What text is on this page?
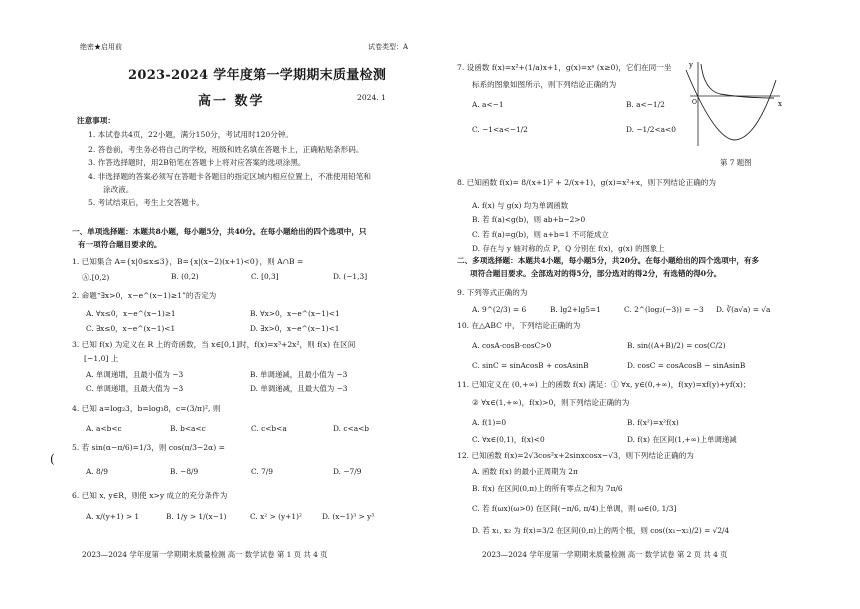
绝密★启用前	试卷类型：A
2023-2024 学年度第一学期期末质量检测
高一 数学	2024. 1
注意事项：
1. 本试卷共4页，22小题，满分150分，考试用时120分钟。
2. 答卷前，考生务必将自己的学校，班级和姓名填在答题卡上，正确粘贴条形码。
3. 作答选择题时，用2B铅笔在答题卡上将对应答案的选项涂黑。
4. 非选择题的答案必须写在答题卡各题目的指定区域内相应位置上，不准使用铅笔和
涂改液。
5. 考试结束后，考生上交答题卡。
一、单项选择题：本题共8小题，每小题5分，共40分。在每小题给出的四个选项中，只
有一项符合题目要求的。
1. 已知集合 A={x|0≤x≤3}，B={x|(x−2)(x+1)<0}，则 A∩B =
Ⓐ.[0,2)	B. (0,2)	C. [0,3]	D. (−1,3]
2. 命题“∃x>0，x−e^(x−1)≥1”的否定为
A. ∀x≤0，x−e^(x−1)≥1	B. ∀x>0，x−e^(x−1)<1
C. ∃x≤0，x−e^(x−1)<1	D. ∃x>0，x−e^(x−1)<1
3. 已知 f(x) 为定义在 R 上的奇函数，当 x∈[0,1]时，f(x)=x³+2x²，则 f(x) 在区间
[−1,0] 上
A. 单调递增，且最小值为 −3	B. 单调递减，且最小值为 −3
C. 单调递增，且最大值为 −3	D. 单调递减，且最大值为 −3
4. 已知 a=log₂3，b=log₃8，c=(3/π)², 则
A. a<b<c	B. b<a<c	C. c<b<a	D. c<a<b
5. 若 sin(α−π/6)=1/3，则 cos(π/3−2α) =
A. 8/9	B. −8/9	C. 7/9	D. −7/9
(
6. 已知 x, y∈R，则使 x>y 成立的充分条件为
A. x/(y+1) > 1	B. 1/y > 1/(x−1)	C. x² > (y+1)²	D. (x−1)³ > y³
2023—2024 学年度第一学期期末质量检测 高一 数学试卷 第 1 页 共 4 页
7. 设函数 f(x)=x²+(1/a)x+1，g(x)=xᵃ (x≥0)，它们在同一坐
标系的图象如图所示，则下列结论正确的为
A. a<−1	B. a<−1/2
C. −1<a<−1/2	D. −1/2<a<0
y
x
O
第 7 题图
8. 已知函数 f(x)= 8/(x+1)² + 2/(x+1)，g(x)=x²+x，则下列结论正确的为
A. f(x) 与 g(x) 均为单调函数
B. 若 f(a)<g(b)，则 ab+b−2>0
C. 若 f(a)=g(b)，则 a+b=1 不可能成立
D. 存在与 y 轴对称的点 P，Q 分别在 f(x)，g(x) 的图象上
二、多项选择题：本题共4小题，每小题5分，共20分。在每小题给出的四个选项中，有多
项符合题目要求。全部选对的得5分，部分选对的得2分，有选错的得0分。
9. 下列等式正确的为
A. 9^(2/3) = 6	B. lg2+lg5=1	C. 2^(log₂(−3)) = −3 D. ∛(a√a) = √a
10. 在△ABC 中，下列结论正确的为
A. cosA·cosB·cosC>0	B. sin((A+B)/2) = cos(C/2)
C. sinC = sinAcosB + cosAsinB	D. cosC = cosAcosB − sinAsinB
11. 已知定义在 (0,+∞) 上的函数 f(x) 满足：① ∀x, y∈(0,+∞)，f(xy)=xf(y)+yf(x)；
② ∀x∈(1,+∞)，f(x)>0，则下列结论正确的为
A. f(1)=0	B. f(x²)=x²f(x)
C. ∀x∈(0,1)，f(x)<0	D. f(x) 在区间(1,+∞)上单调递减
12. 已知函数 f(x)=2√3cos²x+2sinxcosx−√3，则下列结论正确的为
A. 函数 f(x) 的最小正周期为 2π
B. f(x) 在区间(0,π)上的所有零点之和为 7π/6
C. 若 f(ωx)(ω>0) 在区间(−π/6, π/4)上单调，则 ω∈(0, 1/3]
D. 若 x₁, x₂ 为 f(x)=3/2 在区间(0,π)上的两个根，则 cos((x₁−x₂)/2) = √2/4
2023—2024 学年度第一学期期末质量检测 高一 数学试卷 第 2 页 共 4 页
